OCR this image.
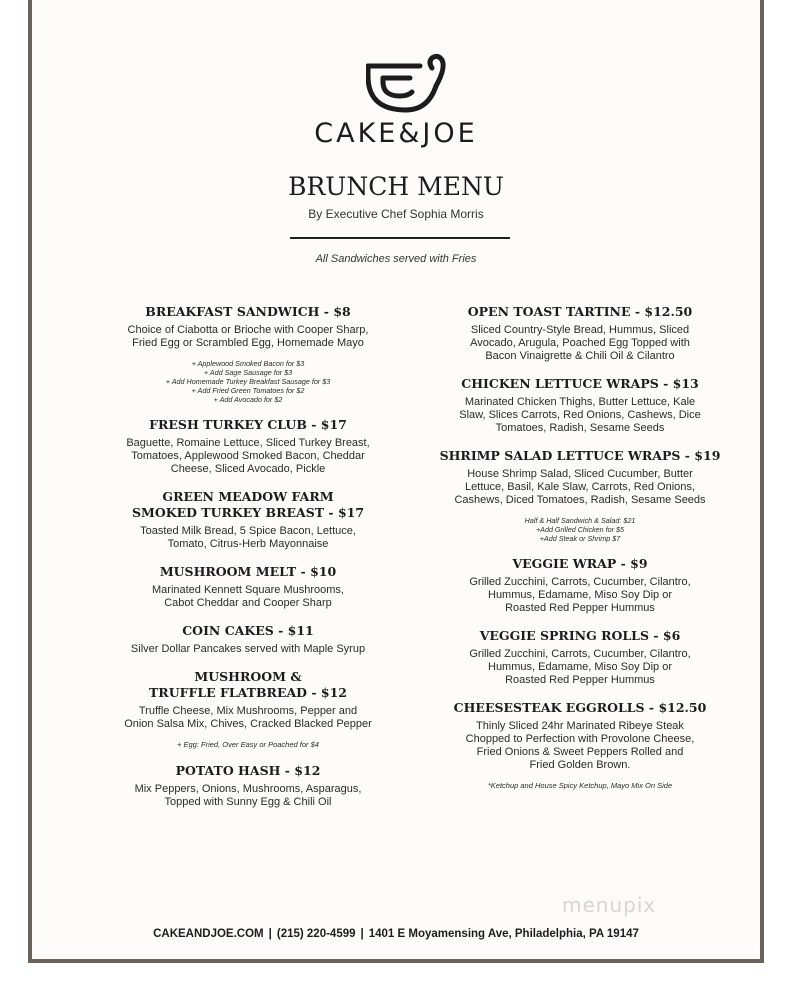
CAKE&JOE
BRUNCH MENU
By Executive Chef Sophia Morris
All Sandwiches served with Fries
BREAKFAST SANDWICH - $8
Choice of Ciabotta or Brioche with Cooper Sharp,
Fried Egg or Scrambled Egg, Homemade Mayo
+ Applewood Smoked Bacon for $3
+ Add Sage Sausage for $3
+ Add Homemade Turkey Breakfast Sausage for $3
+ Add Fried Green Tomatoes for $2
+ Add Avocado for $2
FRESH TURKEY CLUB - $17
Baguette, Romaine Lettuce, Sliced Turkey Breast,
Tomatoes, Applewood Smoked Bacon, Cheddar
Cheese, Sliced Avocado, Pickle
GREEN MEADOW FARM
SMOKED TURKEY BREAST - $17
Toasted Milk Bread, 5 Spice Bacon, Lettuce,
Tomato, Citrus-Herb Mayonnaise
MUSHROOM MELT - $10
Marinated Kennett Square Mushrooms,
Cabot Cheddar and Cooper Sharp
COIN CAKES - $11
Silver Dollar Pancakes served with Maple Syrup
MUSHROOM &
TRUFFLE FLATBREAD - $12
Truffle Cheese, Mix Mushrooms, Pepper and
Onion Salsa Mix, Chives, Cracked Blacked Pepper
+ Egg: Fried, Over Easy or Poached for $4
POTATO HASH - $12
Mix Peppers, Onions, Mushrooms, Asparagus,
Topped with Sunny Egg & Chili Oil
OPEN TOAST TARTINE - $12.50
Sliced Country-Style Bread, Hummus, Sliced
Avocado, Arugula, Poached Egg Topped with
Bacon Vinaigrette & Chili Oil & Cilantro
CHICKEN LETTUCE WRAPS - $13
Marinated Chicken Thighs, Butter Lettuce, Kale
Slaw, Slices Carrots, Red Onions, Cashews, Dice
Tomatoes, Radish, Sesame Seeds
SHRIMP SALAD LETTUCE WRAPS - $19
House Shrimp Salad, Sliced Cucumber, Butter
Lettuce, Basil, Kale Slaw, Carrots, Red Onions,
Cashews, Diced Tomatoes, Radish, Sesame Seeds
Half & Half Sandwich & Salad: $21
+Add Grilled Chicken for $5
+Add Steak or Shrimp $7
VEGGIE WRAP - $9
Grilled Zucchini, Carrots, Cucumber, Cilantro,
Hummus, Edamame, Miso Soy Dip or
Roasted Red Pepper Hummus
VEGGIE SPRING ROLLS - $6
Grilled Zucchini, Carrots, Cucumber, Cilantro,
Hummus, Edamame, Miso Soy Dip or
Roasted Red Pepper Hummus
CHEESESTEAK EGGROLLS - $12.50
Thinly Sliced 24hr Marinated Ribeye Steak
Chopped to Perfection with Provolone Cheese,
Fried Onions & Sweet Peppers Rolled and
Fried Golden Brown.
*Ketchup and House Spicy Ketchup, Mayo Mix On Side
menupix
CAKEANDJOE.COM | (215) 220-4599 | 1401 E Moyamensing Ave, Philadelphia, PA 19147
